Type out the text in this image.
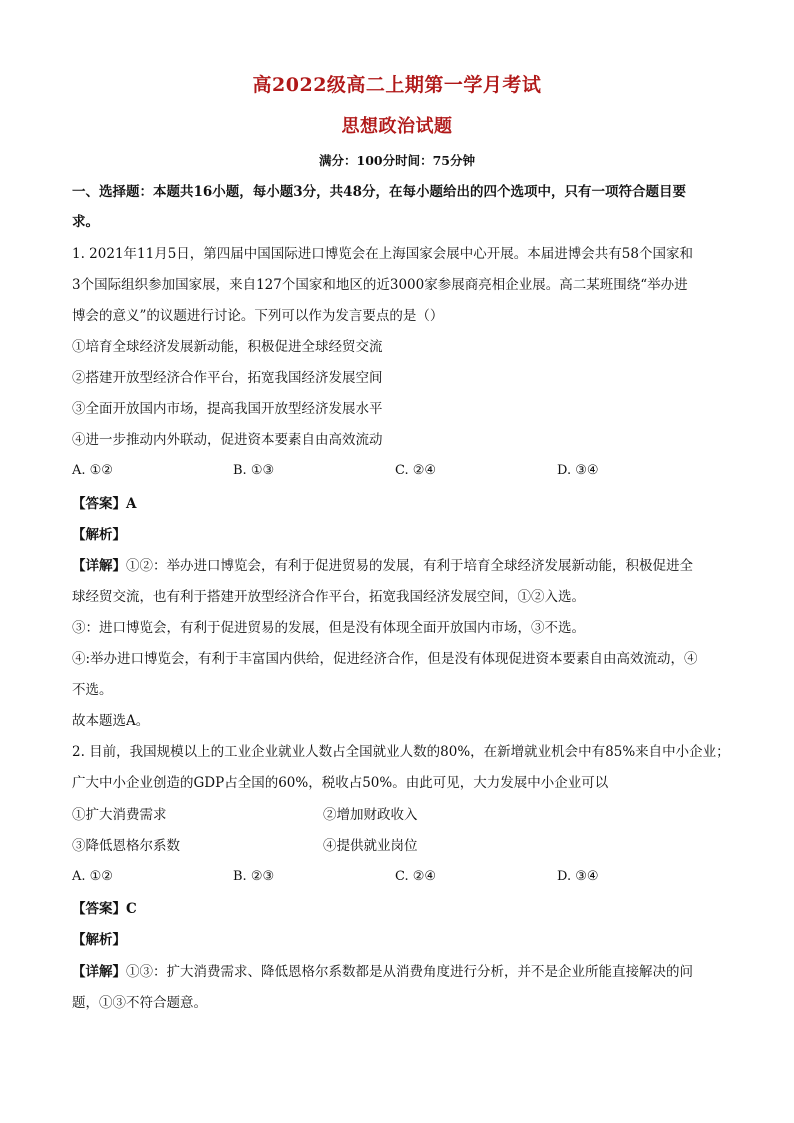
高2022级高二上期第一学月考试
思想政治试题
满分：100分时间：75分钟
一、选择题：本题共16小题，每小题3分，共48分，在每小题给出的四个选项中，只有一项符合题目要
求。
1. 2021年11月5日，第四届中国国际进口博览会在上海国家会展中心开展。本届进博会共有58个国家和
3个国际组织参加国家展，来自127个国家和地区的近3000家参展商亮相企业展。高二某班围绕“举办进
博会的意义”的议题进行讨论。下列可以作为发言要点的是（）
①培育全球经济发展新动能，积极促进全球经贸交流
②搭建开放型经济合作平台，拓宽我国经济发展空间
③全面开放国内市场，提高我国开放型经济发展水平
④进一步推动内外联动，促进资本要素自由高效流动
A. ①②	B. ①③	C. ②④	D. ③④
【答案】A
【解析】
【详解】①②：举办进口博览会，有利于促进贸易的发展，有利于培育全球经济发展新动能，积极促进全
球经贸交流，也有利于搭建开放型经济合作平台，拓宽我国经济发展空间，①②入选。
③：进口博览会，有利于促进贸易的发展，但是没有体现全面开放国内市场，③不选。
④:举办进口博览会，有利于丰富国内供给，促进经济合作，但是没有体现促进资本要素自由高效流动，④
不选。
故本题选A。
2. 目前，我国规模以上的工业企业就业人数占全国就业人数的80%，在新增就业机会中有85%来自中小企业；
广大中小企业创造的GDP占全国的60%，税收占50%。由此可见，大力发展中小企业可以
①扩大消费需求	②增加财政收入
③降低恩格尔系数	④提供就业岗位
A. ①②	B. ②③	C. ②④	D. ③④
【答案】C
【解析】
【详解】①③：扩大消费需求、降低恩格尔系数都是从消费角度进行分析，并不是企业所能直接解决的问
题，①③不符合题意。
